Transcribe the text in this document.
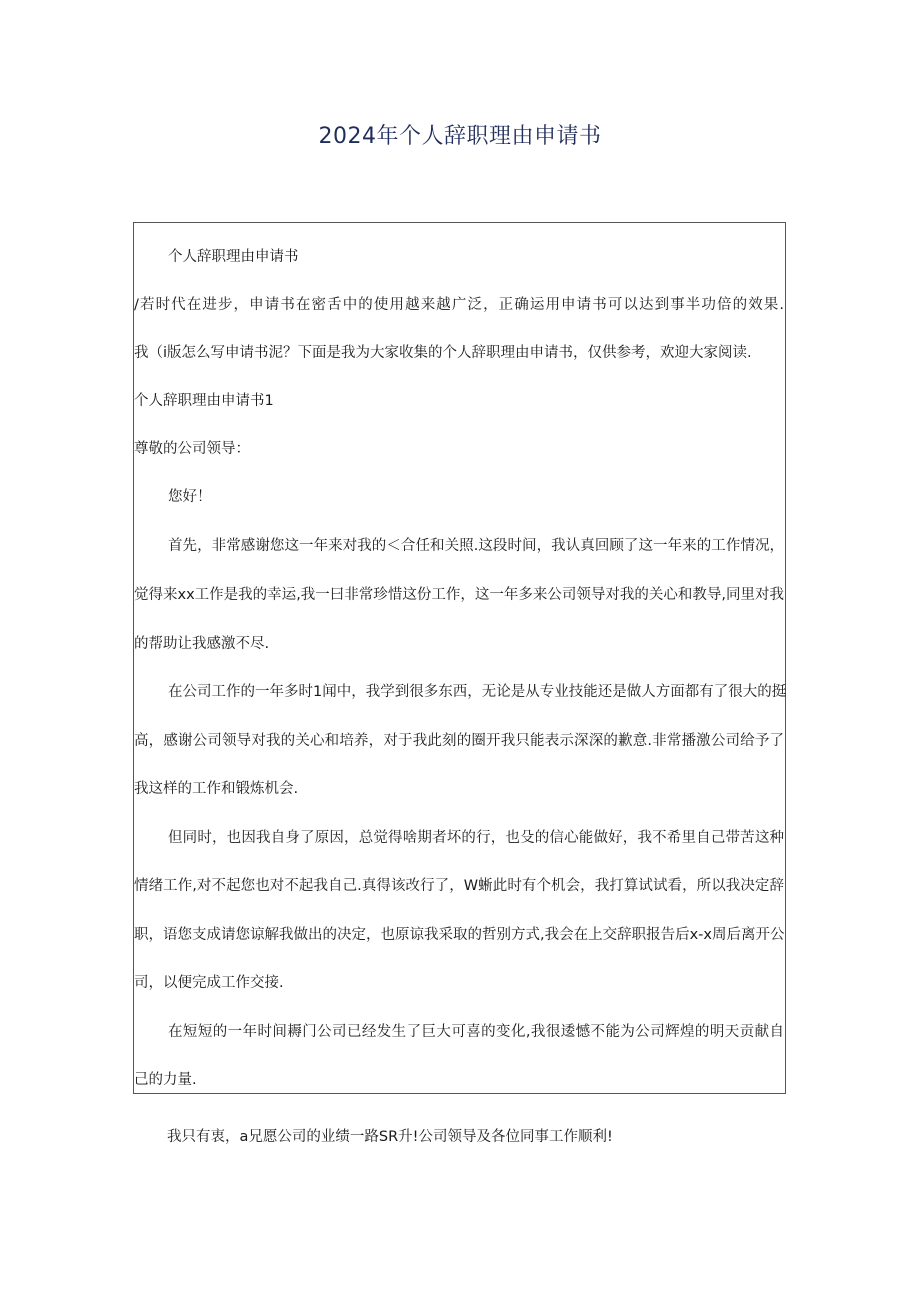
2024年个人辞职理由申请书
个人辞职理由申请书
/若时代在进步，申请书在密舌中的使用越来越广泛，正确运用申请书可以达到事半功倍的效果.
我（i版怎么写申请书泥？下面是我为大家收集的个人辞职理由申请书，仅供参考，欢迎大家阅读.
个人辞职理由申请书1
尊敬的公司领导：
您好！
首先，非常感谢您这一年来对我的＜合任和关照.这段时间，我认真回顾了这一年来的工作情况，
觉得来xx工作是我的幸运,我一曰非常珍惜这份工作，这一年多来公司领导对我的关心和教导,同里对我
的帮助让我感激不尽.
在公司工作的一年多时1闻中，我学到很多东西，无论是从专业技能还是做人方面都有了很大的挺
高，感谢公司领导对我的关心和培养，对于我此刻的圈开我只能表示深深的歉意.非常播激公司给予了
我这样的工作和锻炼机会.
但同时，也因我自身了原因，总觉得啥期者坏的行，也殳的信心能做好，我不希里自己带苦这种
情绪工作,对不起您也对不起我自己.真得该改行了，W蜥此时有个机会，我打算试试看，所以我决定辞
职，语您支成请您谅解我做出的决定，也原谅我采取的哲别方式,我会在上交辞职报告后x-x周后离开公
司，以便完成工作交接.
在短短的一年时间耨门公司已经发生了巨大可喜的变化,我很逶憾不能为公司辉煌的明天贡献自
己的力量.
我只有衷，a兄愿公司的业绩一路SR升!公司领导及各位同事工作顺利!
